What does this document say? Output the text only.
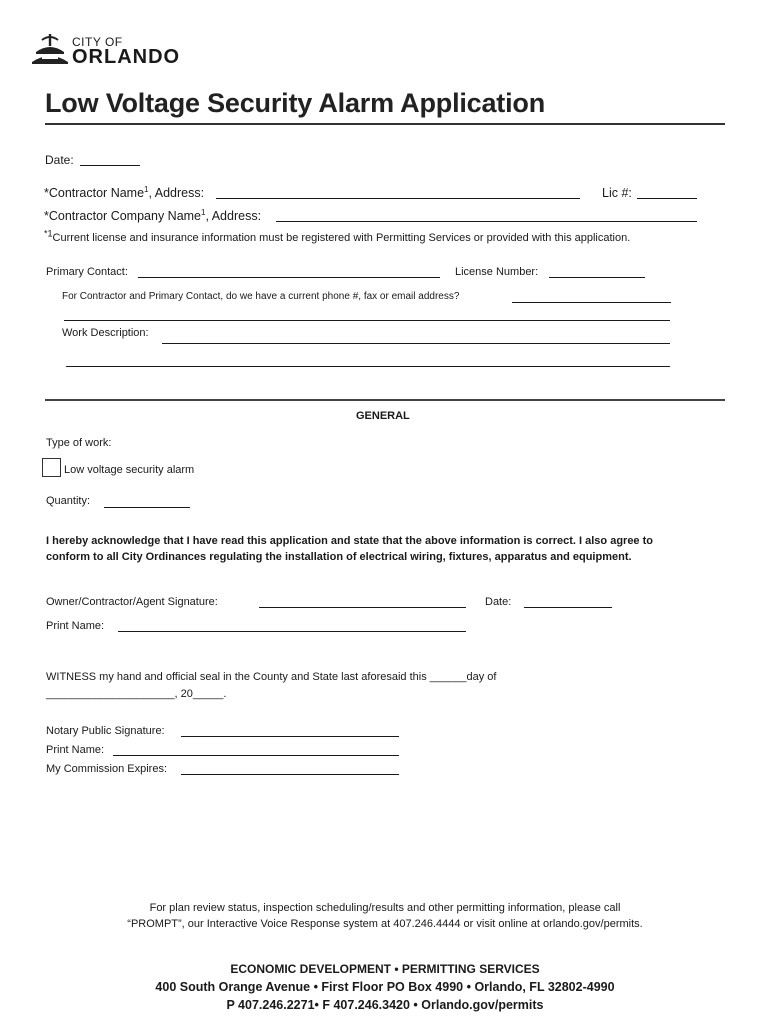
CITY OF
ORLANDO
Low Voltage Security Alarm Application
Date:
*Contractor Name$^1$, Address:	Lic #:
*Contractor Company Name$^1$, Address:
$^{*1}$Current license and insurance information must be registered with Permitting Services or provided with this application.
Primary Contact:	License Number:
For Contractor and Primary Contact, do we have a current phone #, fax or email address?
Work Description:
GENERAL
Type of work:
Low voltage security alarm
Quantity:
I hereby acknowledge that I have read this application and state that the above information is correct. I also agree to
conform to all City Ordinances regulating the installation of electrical wiring, fixtures, apparatus and equipment.
Owner/Contractor/Agent Signature:	Date:
Print Name:
WITNESS my hand and official seal in the County and State last aforesaid this ______day of
_____________________, 20_____.
Notary Public Signature:
Print Name:
My Commission Expires:
For plan review status, inspection scheduling/results and other permitting information, please call
“PROMPT”, our Interactive Voice Response system at 407.246.4444 or visit online at orlando.gov/permits.
ECONOMIC DEVELOPMENT • PERMITTING SERVICES
400 South Orange Avenue • First Floor PO Box 4990 • Orlando, FL 32802-4990
P 407.246.2271• F 407.246.3420 • Orlando.gov/permits
